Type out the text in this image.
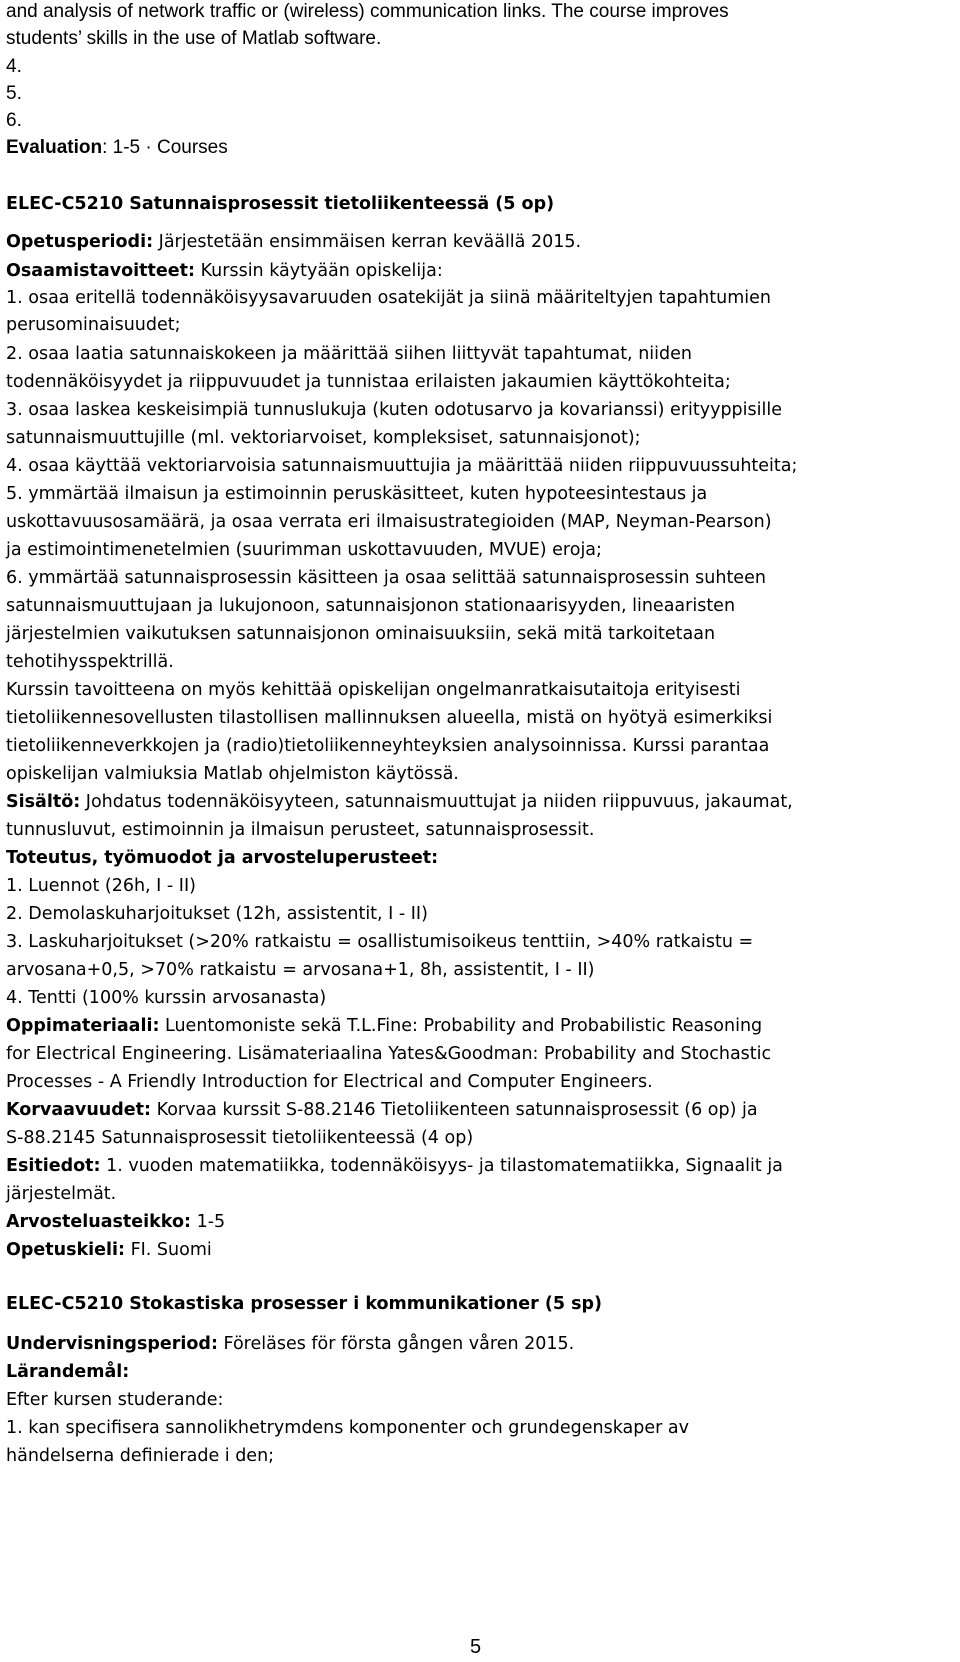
and analysis of network traffic or (wireless) communication links. The course improves
students’ skills in the use of Matlab software.
4.
5.
6.
Evaluation: 1-5 · Courses
ELEC-C5210 Satunnaisprosessit tietoliikenteessä (5 op)
Opetusperiodi: Järjestetään ensimmäisen kerran keväällä 2015.
Osaamistavoitteet: Kurssin käytyään opiskelija:
1. osaa eritellä todennäköisyysavaruuden osatekijät ja siinä määriteltyjen tapahtumien
perusominaisuudet;
2. osaa laatia satunnaiskokeen ja määrittää siihen liittyvät tapahtumat, niiden
todennäköisyydet ja riippuvuudet ja tunnistaa erilaisten jakaumien käyttökohteita;
3. osaa laskea keskeisimpiä tunnuslukuja (kuten odotusarvo ja kovarianssi) erityyppisille
satunnaismuuttujille (ml. vektoriarvoiset, kompleksiset, satunnaisjonot);
4. osaa käyttää vektoriarvoisia satunnaismuuttujia ja määrittää niiden riippuvuussuhteita;
5. ymmärtää ilmaisun ja estimoinnin peruskäsitteet, kuten hypoteesintestaus ja
uskottavuusosamäärä, ja osaa verrata eri ilmaisustrategioiden (MAP, Neyman-Pearson)
ja estimointimenetelmien (suurimman uskottavuuden, MVUE) eroja;
6. ymmärtää satunnaisprosessin käsitteen ja osaa selittää satunnaisprosessin suhteen
satunnaismuuttujaan ja lukujonoon, satunnaisjonon stationaarisyyden, lineaaristen
järjestelmien vaikutuksen satunnaisjonon ominaisuuksiin, sekä mitä tarkoitetaan
tehotihysspektrillä.
Kurssin tavoitteena on myös kehittää opiskelijan ongelmanratkaisutaitoja erityisesti
tietoliikennesovellusten tilastollisen mallinnuksen alueella, mistä on hyötyä esimerkiksi
tietoliikenneverkkojen ja (radio)tietoliikenneyhteyksien analysoinnissa. Kurssi parantaa
opiskelijan valmiuksia Matlab ohjelmiston käytössä.
Sisältö: Johdatus todennäköisyyteen, satunnaismuuttujat ja niiden riippuvuus, jakaumat,
tunnusluvut, estimoinnin ja ilmaisun perusteet, satunnaisprosessit.
Toteutus, työmuodot ja arvosteluperusteet:
1. Luennot (26h, I - II)
2. Demolaskuharjoitukset (12h, assistentit, I - II)
3. Laskuharjoitukset (>20% ratkaistu = osallistumisoikeus tenttiin, >40% ratkaistu =
arvosana+0,5, >70% ratkaistu = arvosana+1, 8h, assistentit, I - II)
4. Tentti (100% kurssin arvosanasta)
Oppimateriaali: Luentomoniste sekä T.L.Fine: Probability and Probabilistic Reasoning
for Electrical Engineering. Lisämateriaalina Yates&Goodman: Probability and Stochastic
Processes - A Friendly Introduction for Electrical and Computer Engineers.
Korvaavuudet: Korvaa kurssit S-88.2146 Tietoliikenteen satunnaisprosessit (6 op) ja
S-88.2145 Satunnaisprosessit tietoliikenteessä (4 op)
Esitiedot: 1. vuoden matematiikka, todennäköisyys- ja tilastomatematiikka, Signaalit ja
järjestelmät.
Arvosteluasteikko: 1-5
Opetuskieli: FI. Suomi
ELEC-C5210 Stokastiska prosesser i kommunikationer (5 sp)
Undervisningsperiod: Föreläses för första gången våren 2015.
Lärandemål:
Efter kursen studerande:
1. kan specifisera sannolikhetrymdens komponenter och grundegenskaper av
händelserna definierade i den;
5
